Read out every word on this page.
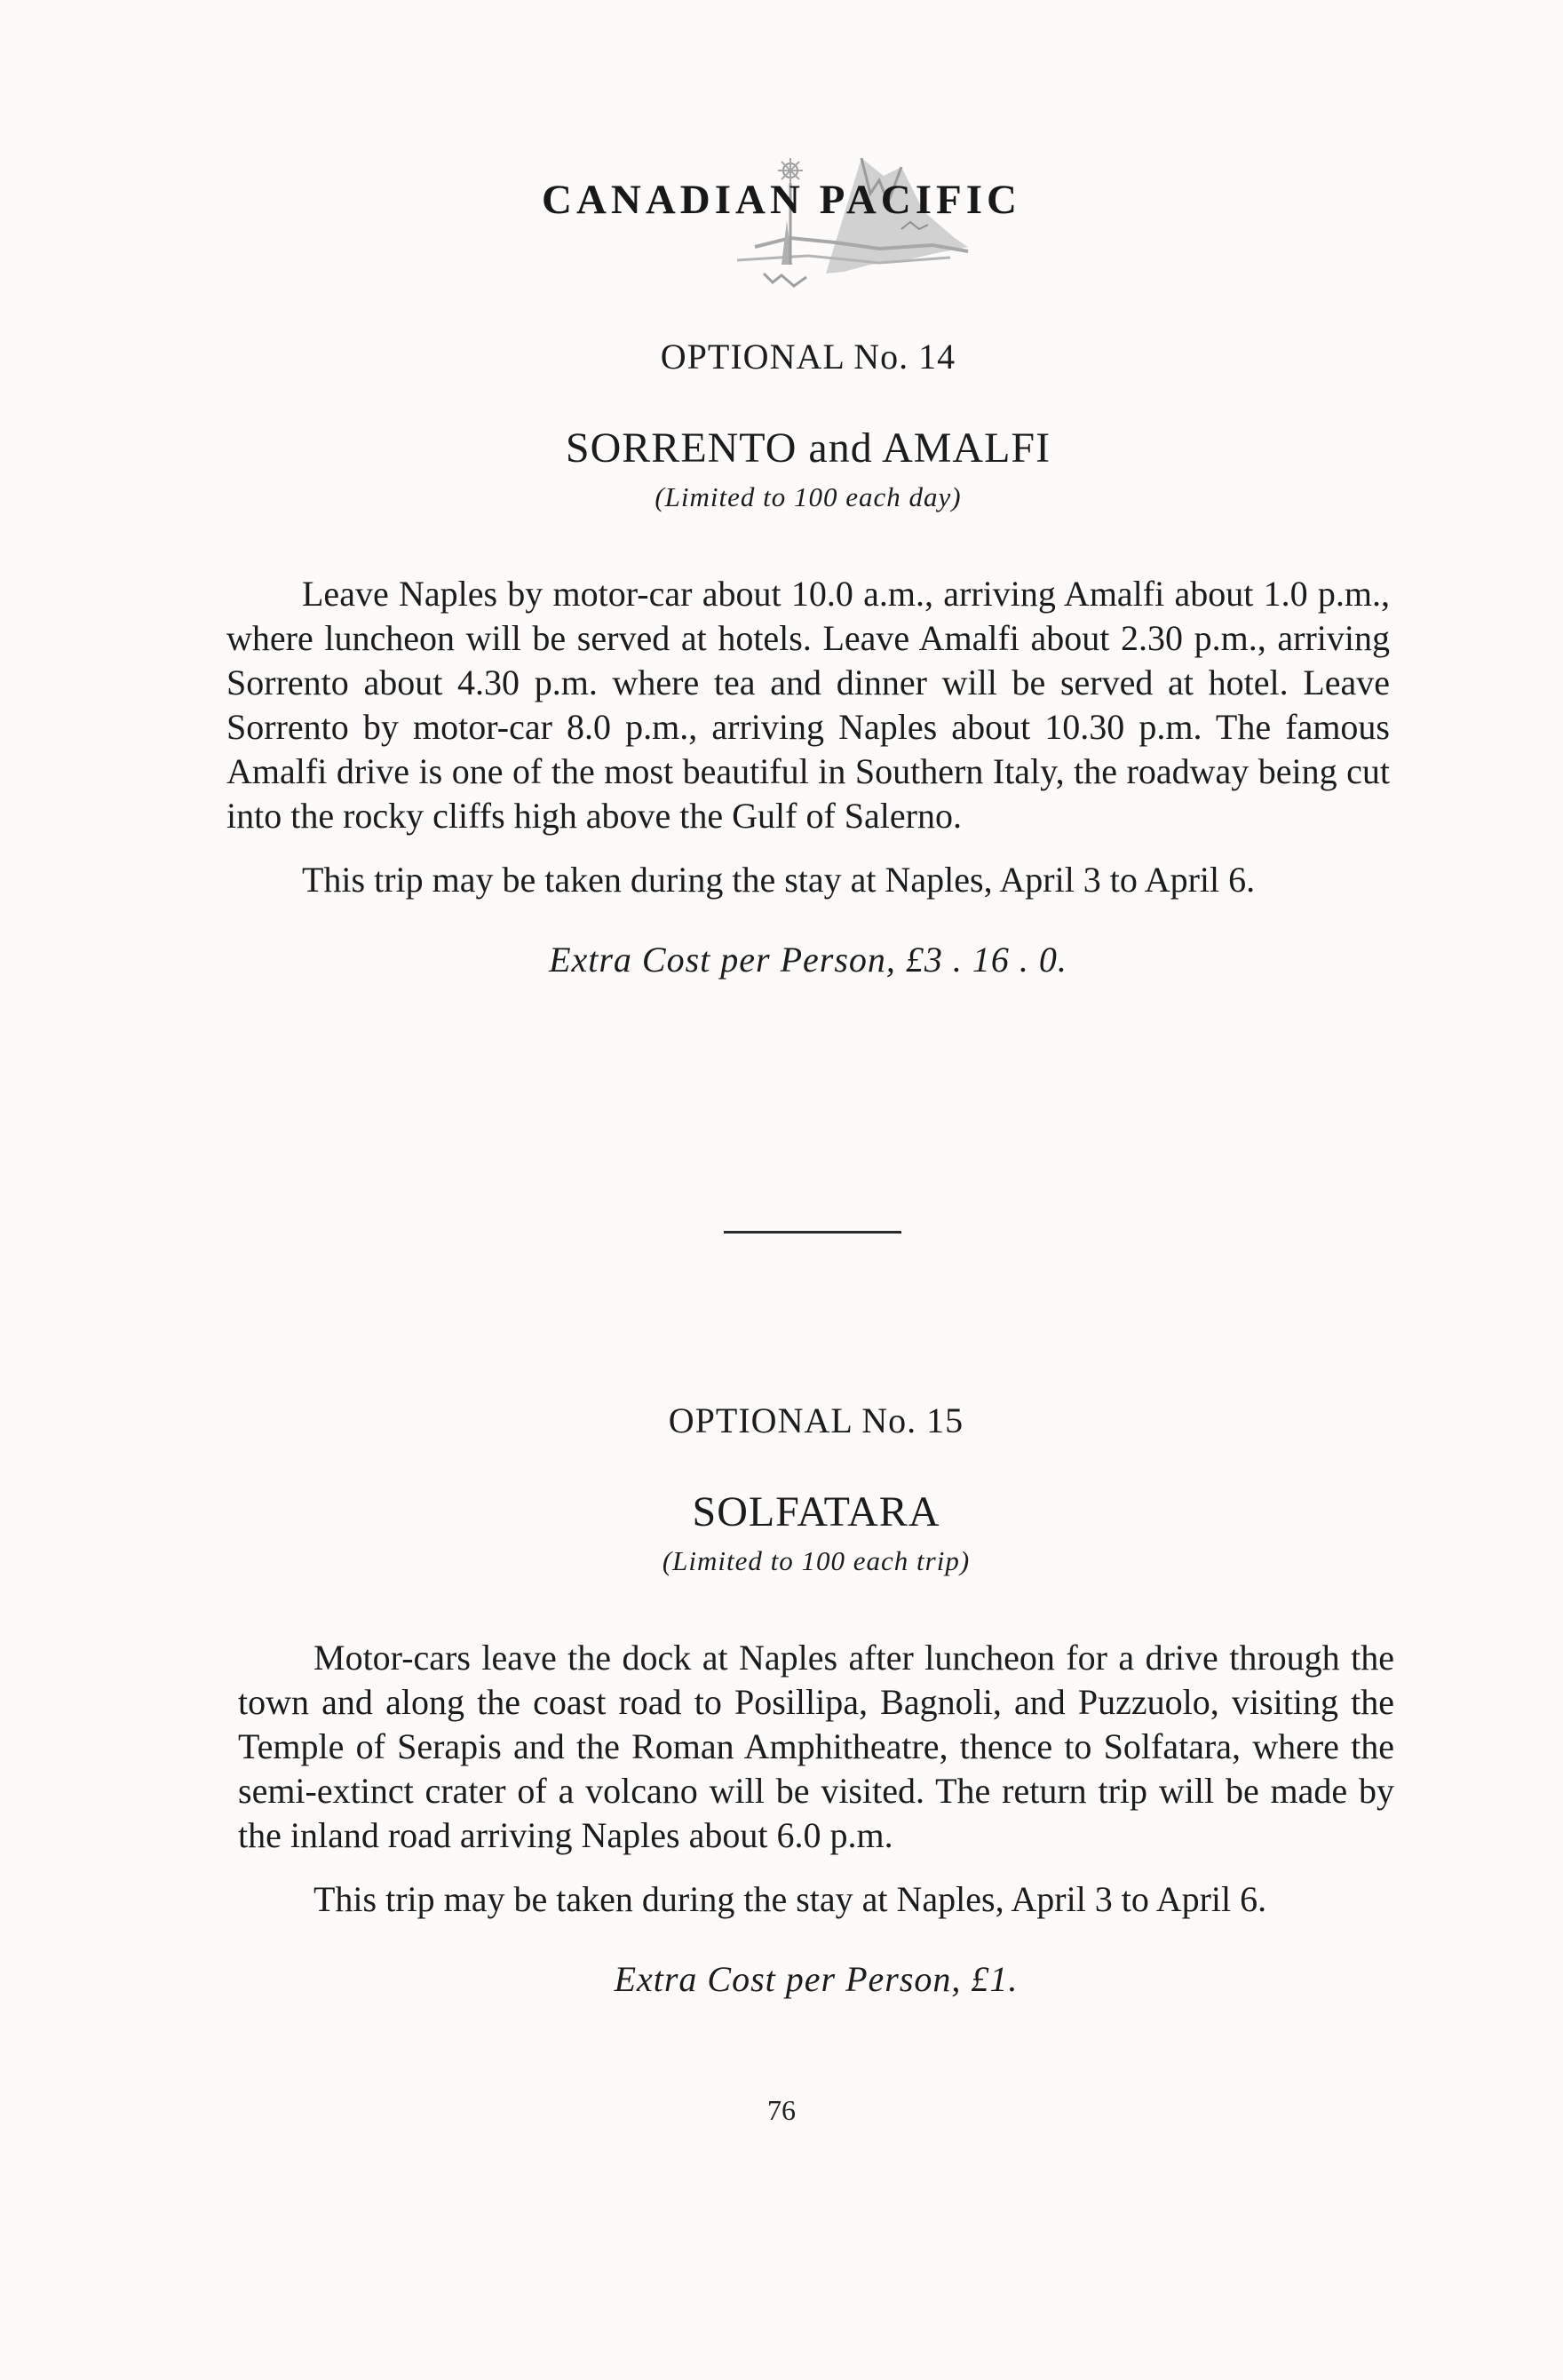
CANADIAN PACIFIC
OPTIONAL No. 14
SORRENTO and AMALFI
(Limited to 100 each day)

Leave Naples by motor-car about 10.0 a.m., arriving Amalfi about 1.0 p.m., where luncheon will be served at hotels. Leave Amalfi about 2.30 p.m., arriving Sorrento about 4.30 p.m. where tea and dinner will be served at hotel. Leave Sorrento by motor-car 8.0 p.m., arriving Naples about 10.30 p.m. The famous Amalfi drive is one of the most beautiful in Southern Italy, the roadway being cut into the rocky cliffs high above the Gulf of Salerno.

This trip may be taken during the stay at Naples, April 3 to April 6.

Extra Cost per Person, £3 . 16 . 0.
OPTIONAL No. 15
SOLFATARA
(Limited to 100 each trip)

Motor-cars leave the dock at Naples after luncheon for a drive through the town and along the coast road to Posillipa, Bagnoli, and Puzzuolo, visiting the Temple of Serapis and the Roman Amphitheatre, thence to Solfatara, where the semi-extinct crater of a volcano will be visited. The return trip will be made by the inland road arriving Naples about 6.0 p.m.

This trip may be taken during the stay at Naples, April 3 to April 6.

Extra Cost per Person, £1.
76
